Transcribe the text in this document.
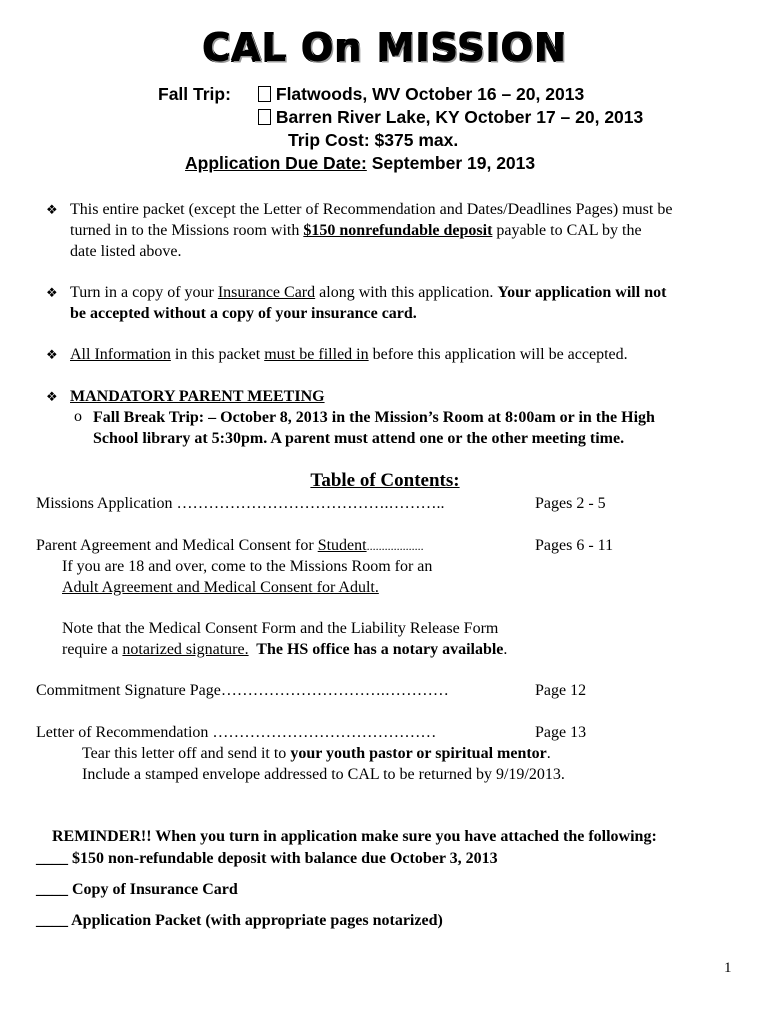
CAL On MISSION
Fall Trip:	Flatwoods, WV October 16 – 20, 2013
Barren River Lake, KY October 17 – 20, 2013
Trip Cost: $375 max.
Application Due Date: September 19, 2013
❖ This entire packet (except the Letter of Recommendation and Dates/Deadlines Pages) must be
turned in to the Missions room with $150 nonrefundable deposit payable to CAL by the
date listed above.
❖ Turn in a copy of your Insurance Card along with this application. Your application will not
be accepted without a copy of your insurance card.
❖ All Information in this packet must be filled in before this application will be accepted.
❖ MANDATORY PARENT MEETING
o Fall Break Trip: – October 8, 2013 in the Mission’s Room at 8:00am or in the High
School library at 5:30pm. A parent must attend one or the other meeting time.
Table of Contents:
Missions Application ………………………………….………..	Pages 2 - 5
Parent Agreement and Medical Consent for Student...................	Pages 6 - 11
If you are 18 and over, come to the Missions Room for an
Adult Agreement and Medical Consent for Adult.
Note that the Medical Consent Form and the Liability Release Form
require a notarized signature.  The HS office has a notary available.
Commitment Signature Page………………………….…………	Page 12
Letter of Recommendation ……………………………………	Page 13
Tear this letter off and send it to your youth pastor or spiritual mentor.
Include a stamped envelope addressed to CAL to be returned by 9/19/2013.
REMINDER!! When you turn in application make sure you have attached the following:
____ $150 non-refundable deposit with balance due October 3, 2013
____ Copy of Insurance Card
____ Application Packet (with appropriate pages notarized)
1
